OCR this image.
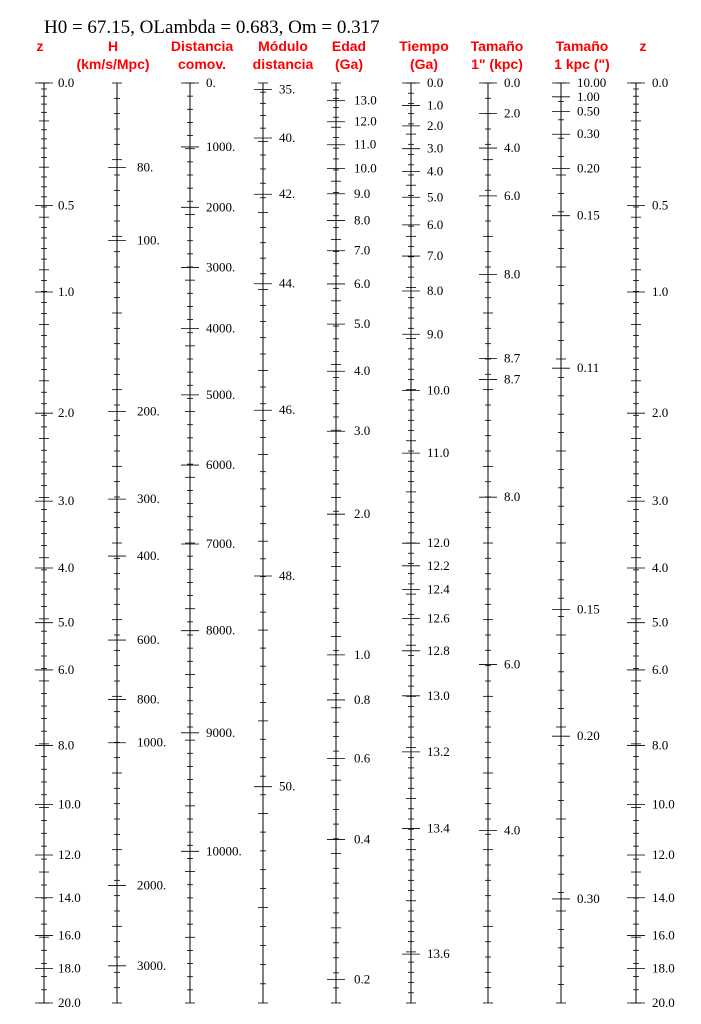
H0 = 67.15, OLambda = 0.683, Om = 0.317
z
0.0
0.5
1.0
2.0
3.0
4.0
5.0
6.0
8.0
10.0
12.0
14.0
16.0
18.0
20.0
H
(km/s/Mpc)
80.
100.
200.
300.
400.
600.
800.
1000.
2000.
3000.
Distancia
comov.
0.
1000.
2000.
3000.
4000.
5000.
6000.
7000.
8000.
9000.
10000.
Módulo
distancia
35.
40.
42.
44.
46.
48.
50.
Edad
(Ga)
13.0
12.0
11.0
10.0
9.0
8.0
7.0
6.0
5.0
4.0
3.0
2.0
1.0
0.8
0.6
0.4
0.2
Tiempo
(Ga)
0.0
1.0
2.0
3.0
4.0
5.0
6.0
7.0
8.0
9.0
10.0
11.0
12.0
12.2
12.4
12.6
12.8
13.0
13.2
13.4
13.6
Tamaño
1" (kpc)
0.0
2.0
4.0
6.0
8.0
8.7
8.7
8.0
6.0
4.0
Tamaño
1 kpc (")
10.00
1.00
0.50
0.30
0.20
0.15
0.11
0.15
0.20
0.30
z
0.0
0.5
1.0
2.0
3.0
4.0
5.0
6.0
8.0
10.0
12.0
14.0
16.0
18.0
20.0
